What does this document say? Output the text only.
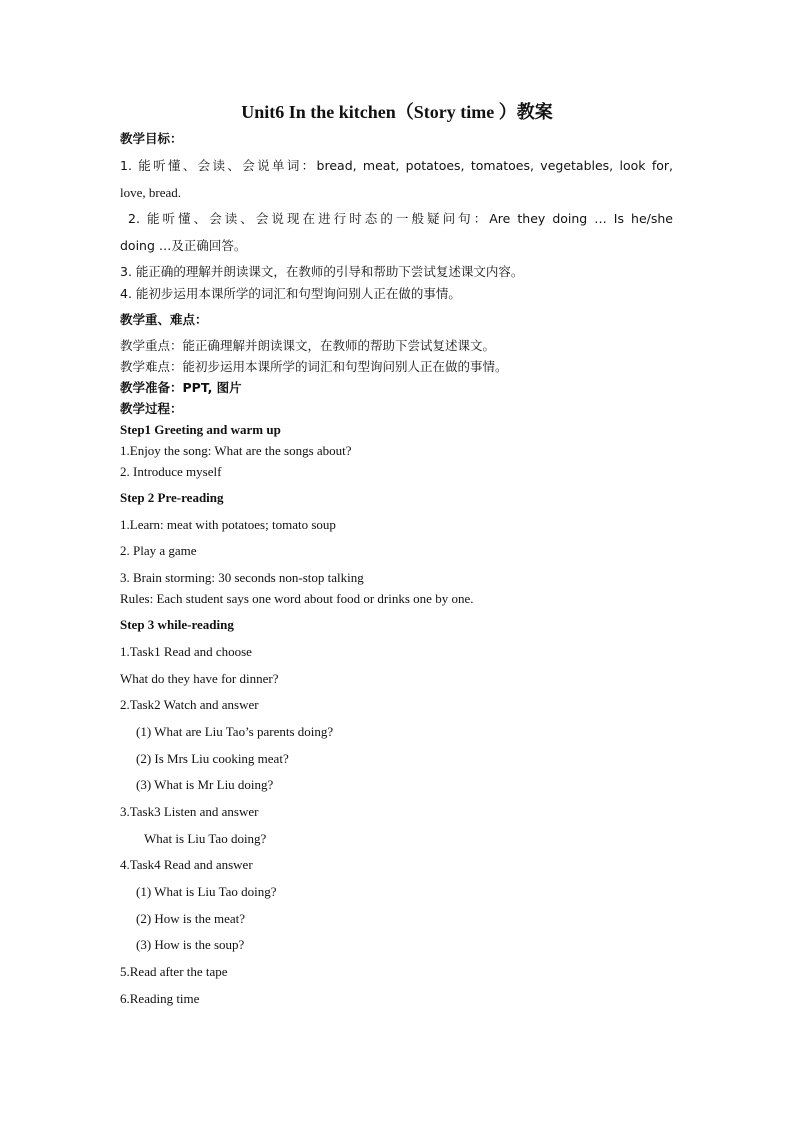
Unit6 In the kitchen（Story time ）教案
教学目标：
1. 能听懂、会读、会说单词：bread, meat, potatoes, tomatoes, vegetables, look for,
love, bread.
2. 能听懂、会读、会说现在进行时态的一般疑问句：Are they doing … Is he/she
doing …及正确回答。
3. 能正确的理解并朗读课文，在教师的引导和帮助下尝试复述课文内容。
4. 能初步运用本课所学的词汇和句型询问别人正在做的事情。
教学重、难点：
教学重点：能正确理解并朗读课文，在教师的帮助下尝试复述课文。
教学难点：能初步运用本课所学的词汇和句型询问别人正在做的事情。
教学准备：PPT, 图片
教学过程：
Step1 Greeting and warm up
1.Enjoy the song: What are the songs about?
2. Introduce myself
Step 2 Pre-reading
1.Learn: meat with potatoes; tomato soup
2. Play a game
3. Brain storming: 30 seconds non-stop talking
Rules: Each student says one word about food or drinks one by one.
Step 3 while-reading
1.Task1 Read and choose
What do they have for dinner?
2.Task2 Watch and answer
(1) What are Liu Tao’s parents doing?
(2) Is Mrs Liu cooking meat?
(3) What is Mr Liu doing?
3.Task3 Listen and answer
What is Liu Tao doing?
4.Task4 Read and answer
(1) What is Liu Tao doing?
(2) How is the meat?
(3) How is the soup?
5.Read after the tape
6.Reading time
